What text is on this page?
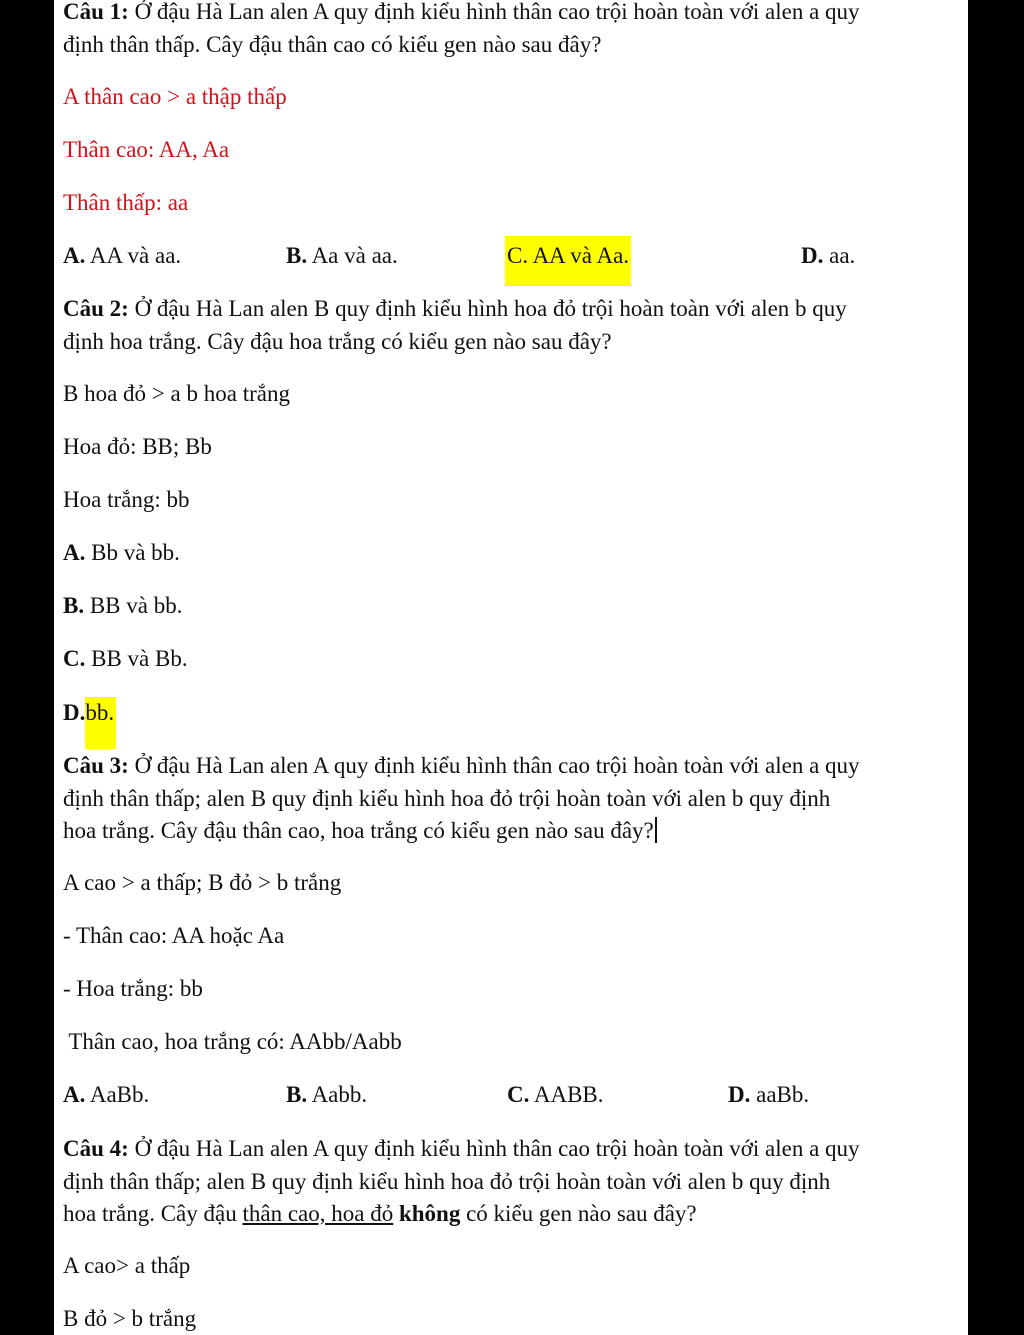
Câu 1: Ở đậu Hà Lan alen A quy định kiểu hình thân cao trội hoàn toàn với alen a quy
định thân thấp. Cây đậu thân cao có kiểu gen nào sau đây?
A thân cao > a thập thấp
Thân cao: AA, Aa
Thân thấp: aa
A. AA và aa.	B. Aa và aa.	C. AA và Aa.	D. aa.
Câu 2: Ở đậu Hà Lan alen B quy định kiểu hình hoa đỏ trội hoàn toàn với alen b quy
định hoa trắng. Cây đậu hoa trắng có kiểu gen nào sau đây?
B hoa đỏ > a b hoa trắng
Hoa đỏ: BB; Bb
Hoa trắng: bb
A. Bb và bb.
B. BB và bb.
C. BB và Bb.
D.bb.
Câu 3: Ở đậu Hà Lan alen A quy định kiểu hình thân cao trội hoàn toàn với alen a quy
định thân thấp; alen B quy định kiểu hình hoa đỏ trội hoàn toàn với alen b quy định
hoa trắng. Cây đậu thân cao, hoa trắng có kiểu gen nào sau đây?
A cao > a thấp; B đỏ > b trắng
- Thân cao: AA hoặc Aa
- Hoa trắng: bb
Thân cao, hoa trắng có: AAbb/Aabb
A. AaBb.	B. Aabb.	C. AABB.	D. aaBb.
Câu 4: Ở đậu Hà Lan alen A quy định kiểu hình thân cao trội hoàn toàn với alen a quy
định thân thấp; alen B quy định kiểu hình hoa đỏ trội hoàn toàn với alen b quy định
hoa trắng. Cây đậu thân cao, hoa đỏ không có kiểu gen nào sau đây?
A cao> a thấp
B đỏ > b trắng
